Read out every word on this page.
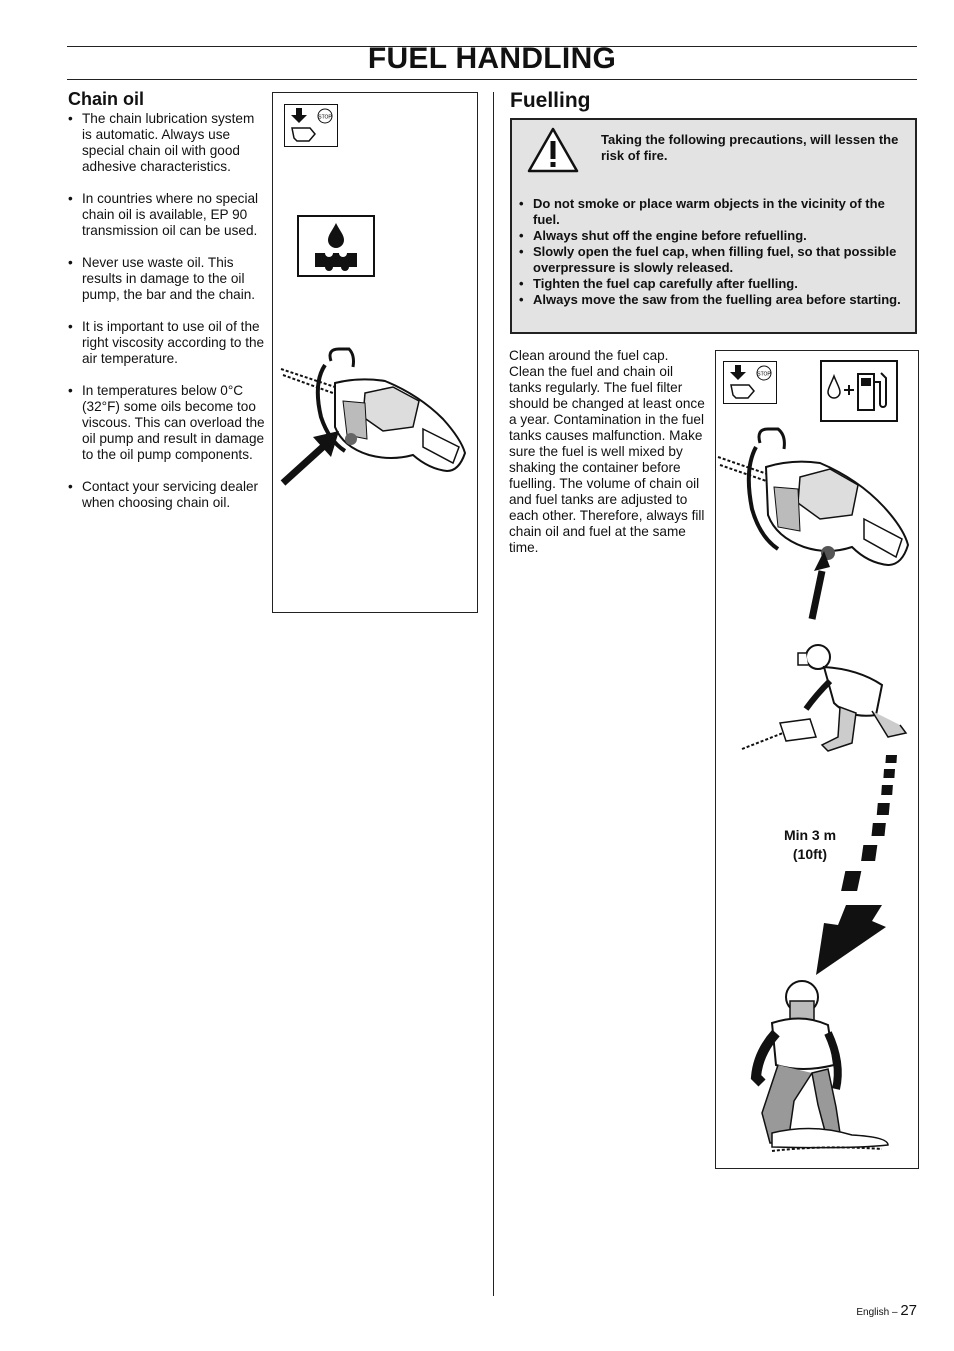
FUEL HANDLING
Chain oil
• The chain lubrication system is automatic. Always use special chain oil with good adhesive characteristics.
• In countries where no special chain oil is available, EP 90 transmission oil can be used.
• Never use waste oil. This results in damage to the oil pump, the bar and the chain.
• It is important to use oil of the right viscosity according to the air temperature.
• In temperatures below 0°C (32°F) some oils become too viscous. This can overload the oil pump and result in damage to the oil pump components.
• Contact your servicing dealer when choosing chain oil.
STOP
Fuelling
Taking the following precautions, will lessen the risk of fire.
• Do not smoke or place warm objects in the vicinity of the fuel.
• Always shut off the engine before refuelling.
• Slowly open the fuel cap, when filling fuel, so that possible overpressure is slowly released.
• Tighten the fuel cap carefully after fuelling.
• Always move the saw from the fuelling area before starting.
Clean around the fuel cap. Clean the fuel and chain oil tanks regularly. The fuel filter should be changed at least once a year. Contamination in the fuel tanks causes malfunction. Make sure the fuel is well mixed by shaking the container before fuelling. The volume of chain oil and fuel tanks are adjusted to each other. Therefore, always fill chain oil and fuel at the same time.
STOP
Min 3 m
(10ft)
English – 27
